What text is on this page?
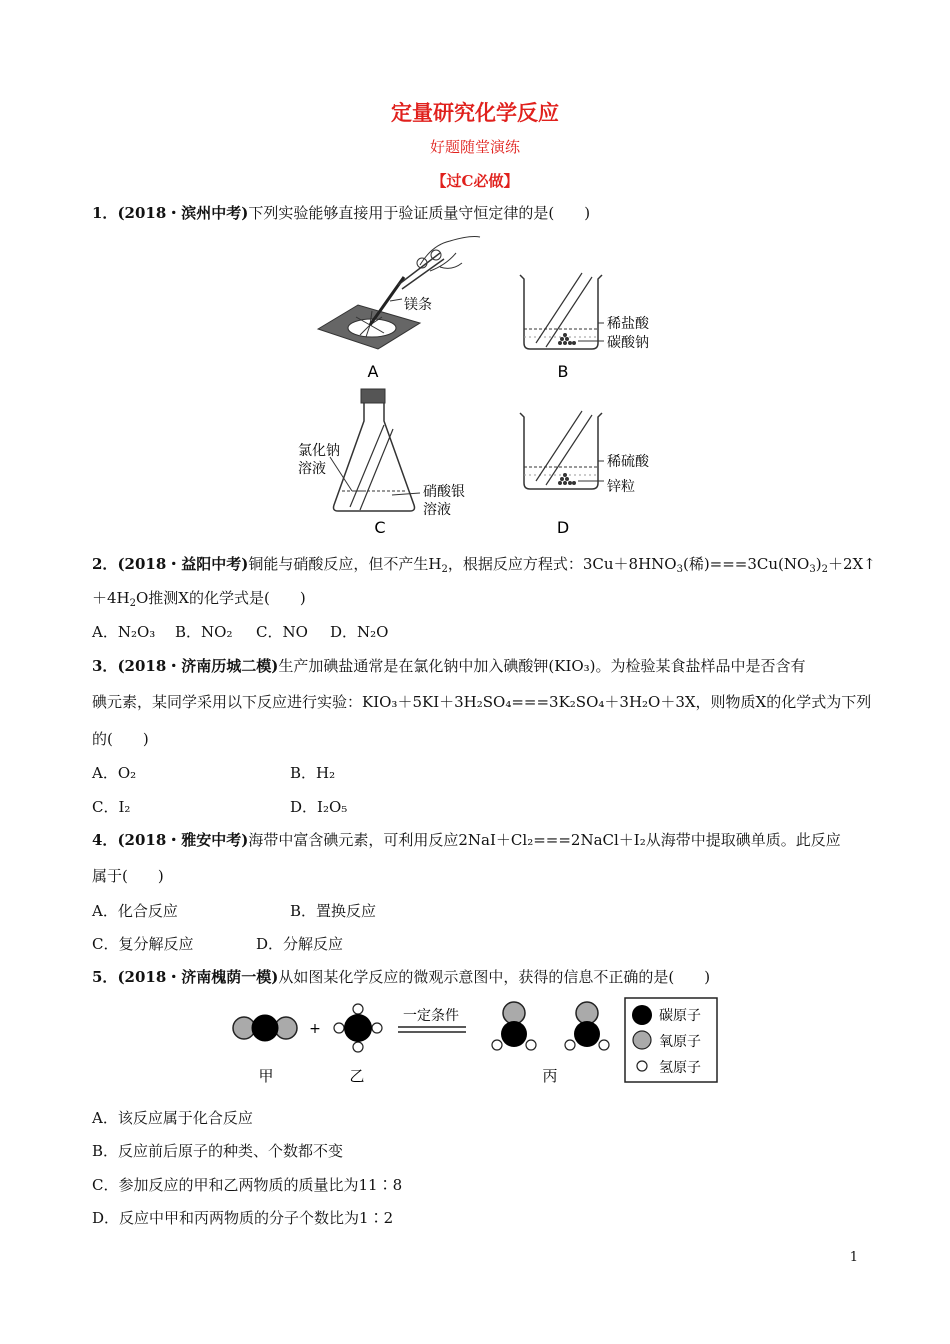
定量研究化学反应
好题随堂演练
【过C必做】
1．(2018・滨州中考)下列实验能够直接用于验证质量守恒定律的是(　　)
镁条
A
稀盐酸
碳酸钠
B
氯化钠
溶液
硝酸银
溶液
C
稀硫酸
锌粒
D
2．(2018・益阳中考)铜能与硝酸反应，但不产生$H_2$，根据反应方程式：$3Cu+8HNO_3$(稀)$===3Cu(NO_3)_2+2X↑$
$+4H_2O$推测X的化学式是(　　)
A．N₂O₃ B．NO₂ C．NO D．N₂O
3．(2018・济南历城二模)生产加碘盐通常是在氯化钠中加入碘酸钾(KIO₃)。为检验某食盐样品中是否含有
碘元素，某同学采用以下反应进行实验：KIO₃＋5KI＋3H₂SO₄===3K₂SO₄＋3H₂O＋3X，则物质X的化学式为下列
的(　　)
A．O₂	B．H₂
C．I₂	D．I₂O₅
4．(2018・雅安中考)海带中富含碘元素，可利用反应2NaI＋Cl₂===2NaCl＋I₂从海带中提取碘单质。此反应
属于(　　)
A．化合反应	B．置换反应
C．复分解反应	D．分解反应
5．(2018・济南槐荫一模)从如图某化学反应的微观示意图中，获得的信息不正确的是(　　)
+
一定条件
甲	乙	丙
碳原子
氧原子
氢原子
A．该反应属于化合反应
B．反应前后原子的种类、个数都不变
C．参加反应的甲和乙两物质的质量比为11∶8
D．反应中甲和丙两物质的分子个数比为1∶2
1
